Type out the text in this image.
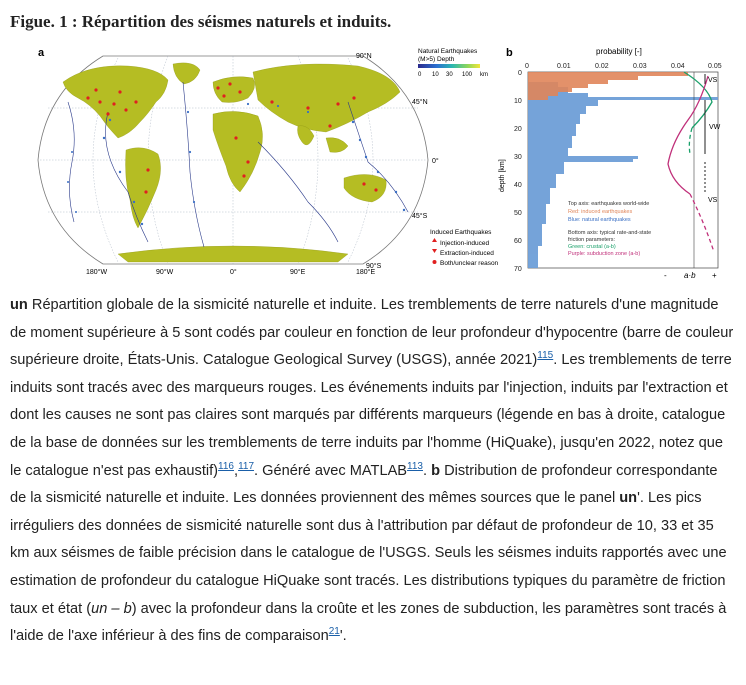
Figue. 1 : Répartition des séismes naturels et induits.
a	90°N
45°N
0°
45°S
90°S
180°W	90°W	0°	90°E	180°E
Natural Earthquakes
(M>5) Depth
0 10 30 100 km
Induced Earthquakes
Injection-induced
Extraction-induced
Both/unclear reason
b	probability [-]
0	0.01	0.02	0.03	0.04	0.05
0
10
20
30
40
50
60
70
depth [km]
VS
VW
VS
- a·b +
Top axis: earthquakes world-wide
Red: induced earthquakes
Blue: natural earthquakes
Bottom axis: typical rate-and-state
friction parameters:
Green: crustal (a-b)
Purple: subduction zone (a-b)
un Répartition globale de la sismicité naturelle et induite. Les tremblements de terre naturels d'une magnitude de moment supérieure à 5 sont codés par couleur en fonction de leur profondeur d'hypocentre (barre de couleur supérieure droite, États-Unis. Catalogue Geological Survey (USGS), année 2021)$^{115}$. Les tremblements de terre induits sont tracés avec des marqueurs rouges. Les événements induits par l'injection, induits par l'extraction et dont les causes ne sont pas claires sont marqués par différents marqueurs (légende en bas à droite, catalogue de la base de données sur les tremblements de terre induits par l'homme (HiQuake), jusqu'en 2022, notez que le catalogue n'est pas exhaustif)$^{116}$,$^{117}$. Généré avec MATLAB$^{113}$. b Distribution de profondeur correspondante de la sismicité naturelle et induite. Les données proviennent des mêmes sources que le panel un'. Les pics irréguliers des données de sismicité naturelle sont dus à l'attribution par défaut de profondeur de 10, 33 et 35 km aux séismes de faible précision dans le catalogue de l'USGS. Seuls les séismes induits rapportés avec une estimation de profondeur du catalogue HiQuake sont tracés. Les distributions typiques du paramètre de friction taux et état (un – b) avec la profondeur dans la croûte et les zones de subduction, les paramètres sont tracés à l'aide de l'axe inférieur à des fins de comparaison$^{21}$'.
